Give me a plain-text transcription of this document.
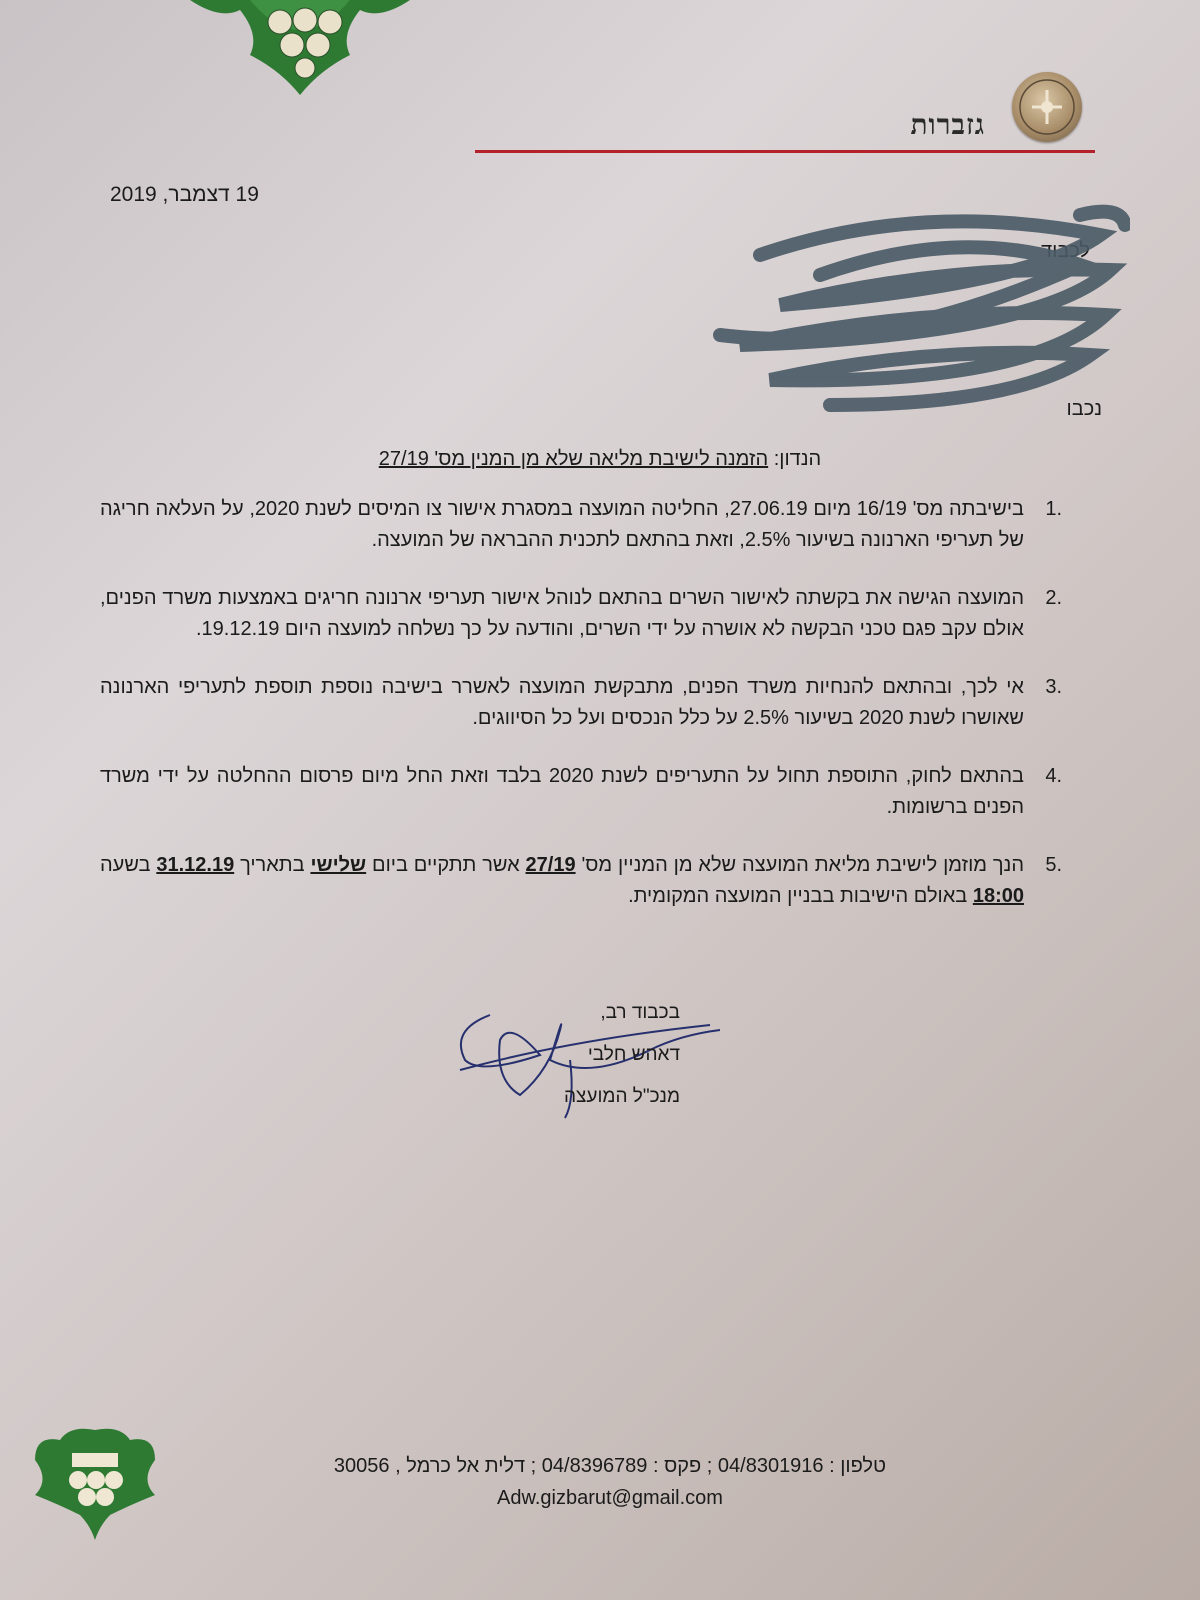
גזברות
19 דצמבר, 2019
לכבוד
נכבו
הנדון: הזמנה לישיבת מליאה שלא מן המנין מס' 27/19
.1
בישיבתה מס' 16/19 מיום 27.06.19, החליטה המועצה במסגרת אישור צו המיסים לשנת 2020, על העלאה חריגה של תעריפי הארנונה בשיעור 2.5%, וזאת בהתאם לתכנית ההבראה של המועצה.
.2
המועצה הגישה את בקשתה לאישור השרים בהתאם לנוהל אישור תעריפי ארנונה חריגים באמצעות משרד הפנים, אולם עקב פגם טכני הבקשה לא אושרה על ידי השרים, והודעה על כך נשלחה למועצה היום 19.12.19.
.3
אי לכך, ובהתאם להנחיות משרד הפנים, מתבקשת המועצה לאשרר בישיבה נוספת תוספת לתעריפי הארנונה שאושרו לשנת 2020 בשיעור 2.5% על כלל הנכסים ועל כל הסיווגים.
.4
בהתאם לחוק, התוספת תחול על התעריפים לשנת 2020 בלבד וזאת החל מיום פרסום ההחלטה על ידי משרד הפנים ברשומות.
.5
הנך מוזמן לישיבת מליאת המועצה שלא מן המניין מס' 27/19 אשר תתקיים ביום שלישי בתאריך 31.12.19 בשעה 18:00 באולם הישיבות בבניין המועצה המקומית.
בכבוד רב,
דאהש חלבי
מנכ"ל המועצה
טלפון : 04/8301916 ; פקס : 04/8396789 ; דלית אל כרמל , 30056
Adw.gizbarut@gmail.com
